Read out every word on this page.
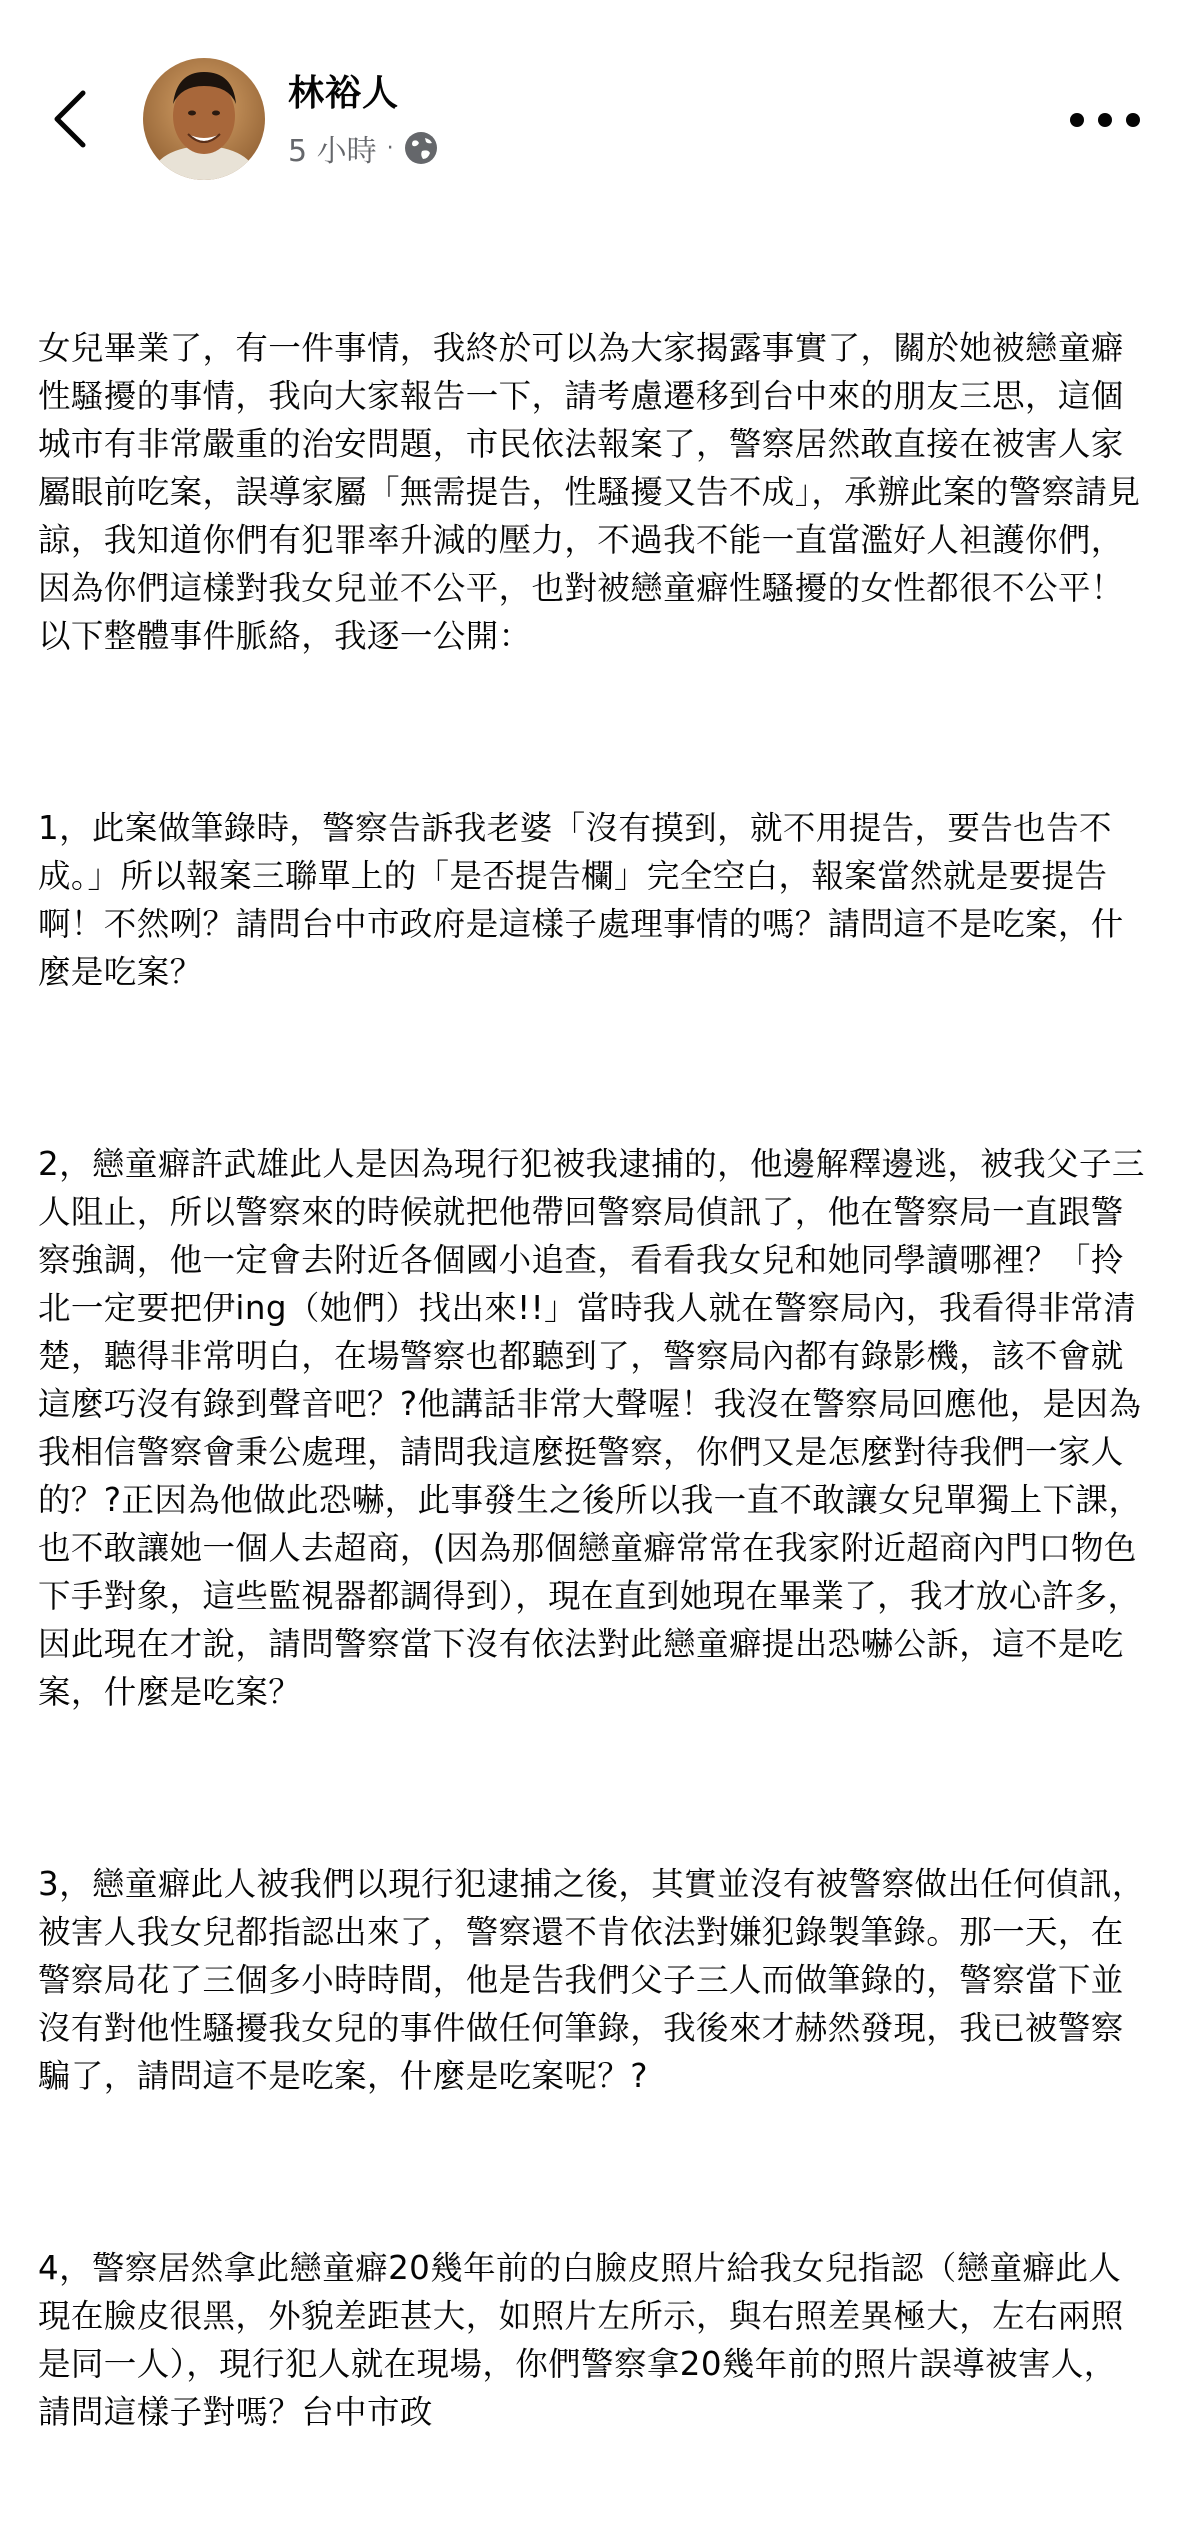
林裕人
5 小時 ·

女兒畢業了，有一件事情，我終於可以為大家揭露事實了，關於她被戀童癖性騷擾的事情，我向大家報告一下，請考慮遷移到台中來的朋友三思，這個城市有非常嚴重的治安問題，市民依法報案了，警察居然敢直接在被害人家屬眼前吃案，誤導家屬「無需提告，性騷擾又告不成」，承辦此案的警察請見諒，我知道你們有犯罪率升減的壓力，不過我不能一直當濫好人袒護你們，因為你們這樣對我女兒並不公平，也對被戀童癖性騷擾的女性都很不公平！以下整體事件脈絡，我逐一公開：

1，此案做筆錄時，警察告訴我老婆「沒有摸到，就不用提告，要告也告不成。」所以報案三聯單上的「是否提告欄」完全空白，報案當然就是要提告啊！不然咧？請問台中市政府是這樣子處理事情的嗎？請問這不是吃案，什麼是吃案？

2，戀童癖許武雄此人是因為現行犯被我逮捕的，他邊解釋邊逃，被我父子三人阻止，所以警察來的時候就把他帶回警察局偵訊了，他在警察局一直跟警察強調，他一定會去附近各個國小追查，看看我女兒和她同學讀哪裡？「拎北一定要把伊ing（她們）找出來!!」當時我人就在警察局內，我看得非常清楚，聽得非常明白，在場警察也都聽到了，警察局內都有錄影機，該不會就這麼巧沒有錄到聲音吧？?他講話非常大聲喔！我沒在警察局回應他，是因為我相信警察會秉公處理，請問我這麼挺警察，你們又是怎麼對待我們一家人的？?正因為他做此恐嚇，此事發生之後所以我一直不敢讓女兒單獨上下課，也不敢讓她一個人去超商，(因為那個戀童癖常常在我家附近超商內門口物色下手對象，這些監視器都調得到），現在直到她現在畢業了，我才放心許多，因此現在才說，請問警察當下沒有依法對此戀童癖提出恐嚇公訴，這不是吃案，什麼是吃案？

3，戀童癖此人被我們以現行犯逮捕之後，其實並沒有被警察做出任何偵訊，被害人我女兒都指認出來了，警察還不肯依法對嫌犯錄製筆錄。那一天，在警察局花了三個多小時時間，他是告我們父子三人而做筆錄的，警察當下並沒有對他性騷擾我女兒的事件做任何筆錄，我後來才赫然發現，我已被警察騙了，請問這不是吃案，什麼是吃案呢？?

4，警察居然拿此戀童癖20幾年前的白臉皮照片給我女兒指認（戀童癖此人現在臉皮很黑，外貌差距甚大，如照片左所示，與右照差異極大，左右兩照是同一人），現行犯人就在現場，你們警察拿20幾年前的照片誤導被害人，請問這樣子對嗎？台中市政
